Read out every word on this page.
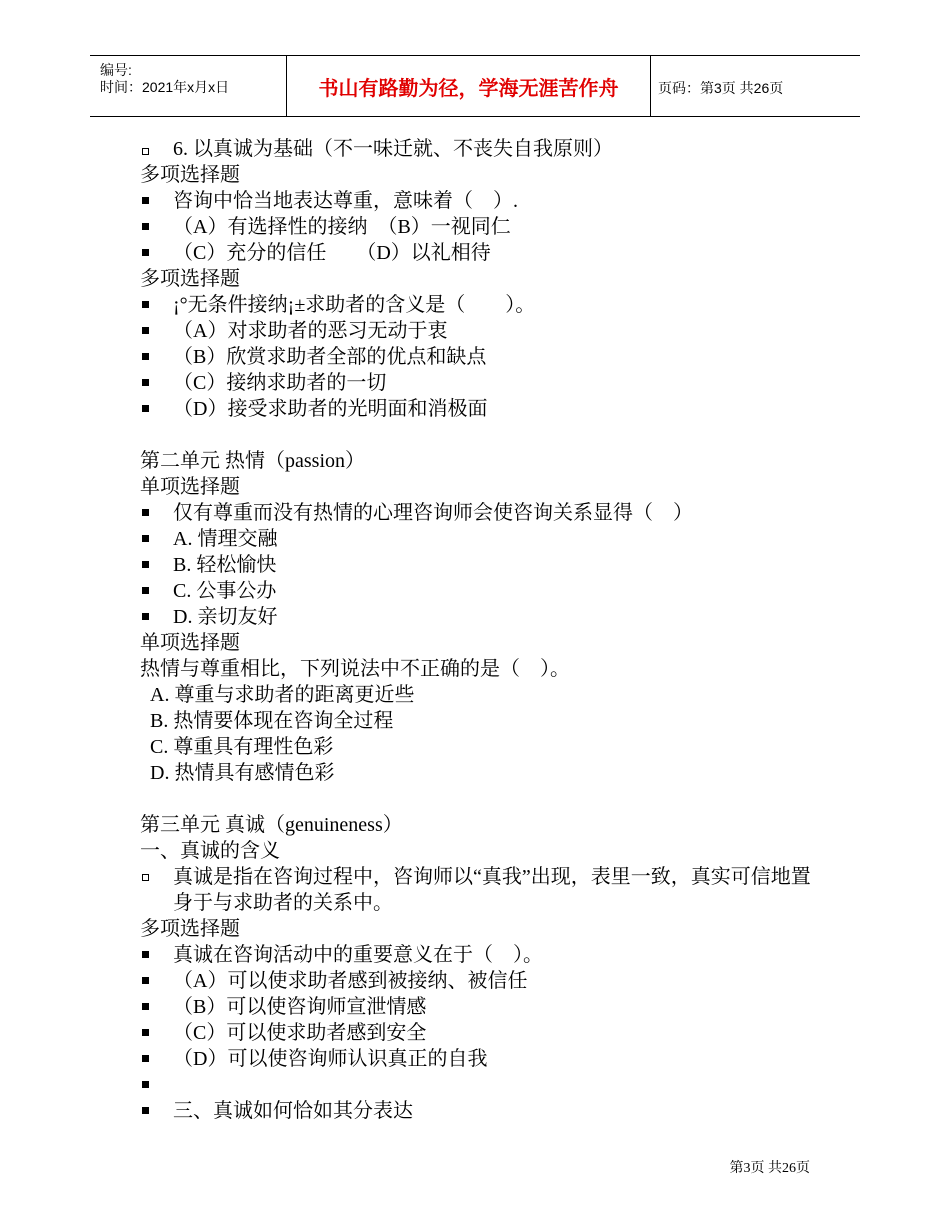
编号:
时间：2021年x月x日	书山有路勤为径，学海无涯苦作舟	页码：第3页 共26页
6. 以真诚为基础（不一味迁就、不丧失自我原则）
多项选择题
咨询中恰当地表达尊重，意味着（　）.
（A）有选择性的接纳　（B）一视同仁
（C）充分的信任　　（D）以礼相待
多项选择题
¡°无条件接纳¡±求助者的含义是（　　）。
（A）对求助者的恶习无动于衷
（B）欣赏求助者全部的优点和缺点
（C）接纳求助者的一切
（D）接受求助者的光明面和消极面
第二单元 热情（passion）
单项选择题
仅有尊重而没有热情的心理咨询师会使咨询关系显得（　）
A. 情理交融
B. 轻松愉快
C. 公事公办
D. 亲切友好
单项选择题
热情与尊重相比，下列说法中不正确的是（　）。
A. 尊重与求助者的距离更近些
B. 热情要体现在咨询全过程
C. 尊重具有理性色彩
D. 热情具有感情色彩
第三单元 真诚（genuineness）
一、真诚的含义
真诚是指在咨询过程中，咨询师以“真我”出现，表里一致，真实可信地置身于与求助者的关系中。
多项选择题
真诚在咨询活动中的重要意义在于（　）。
（A）可以使求助者感到被接纳、被信任
（B）可以使咨询师宣泄情感
（C）可以使求助者感到安全
（D）可以使咨询师认识真正的自我
三、真诚如何恰如其分表达
第3页 共26页
